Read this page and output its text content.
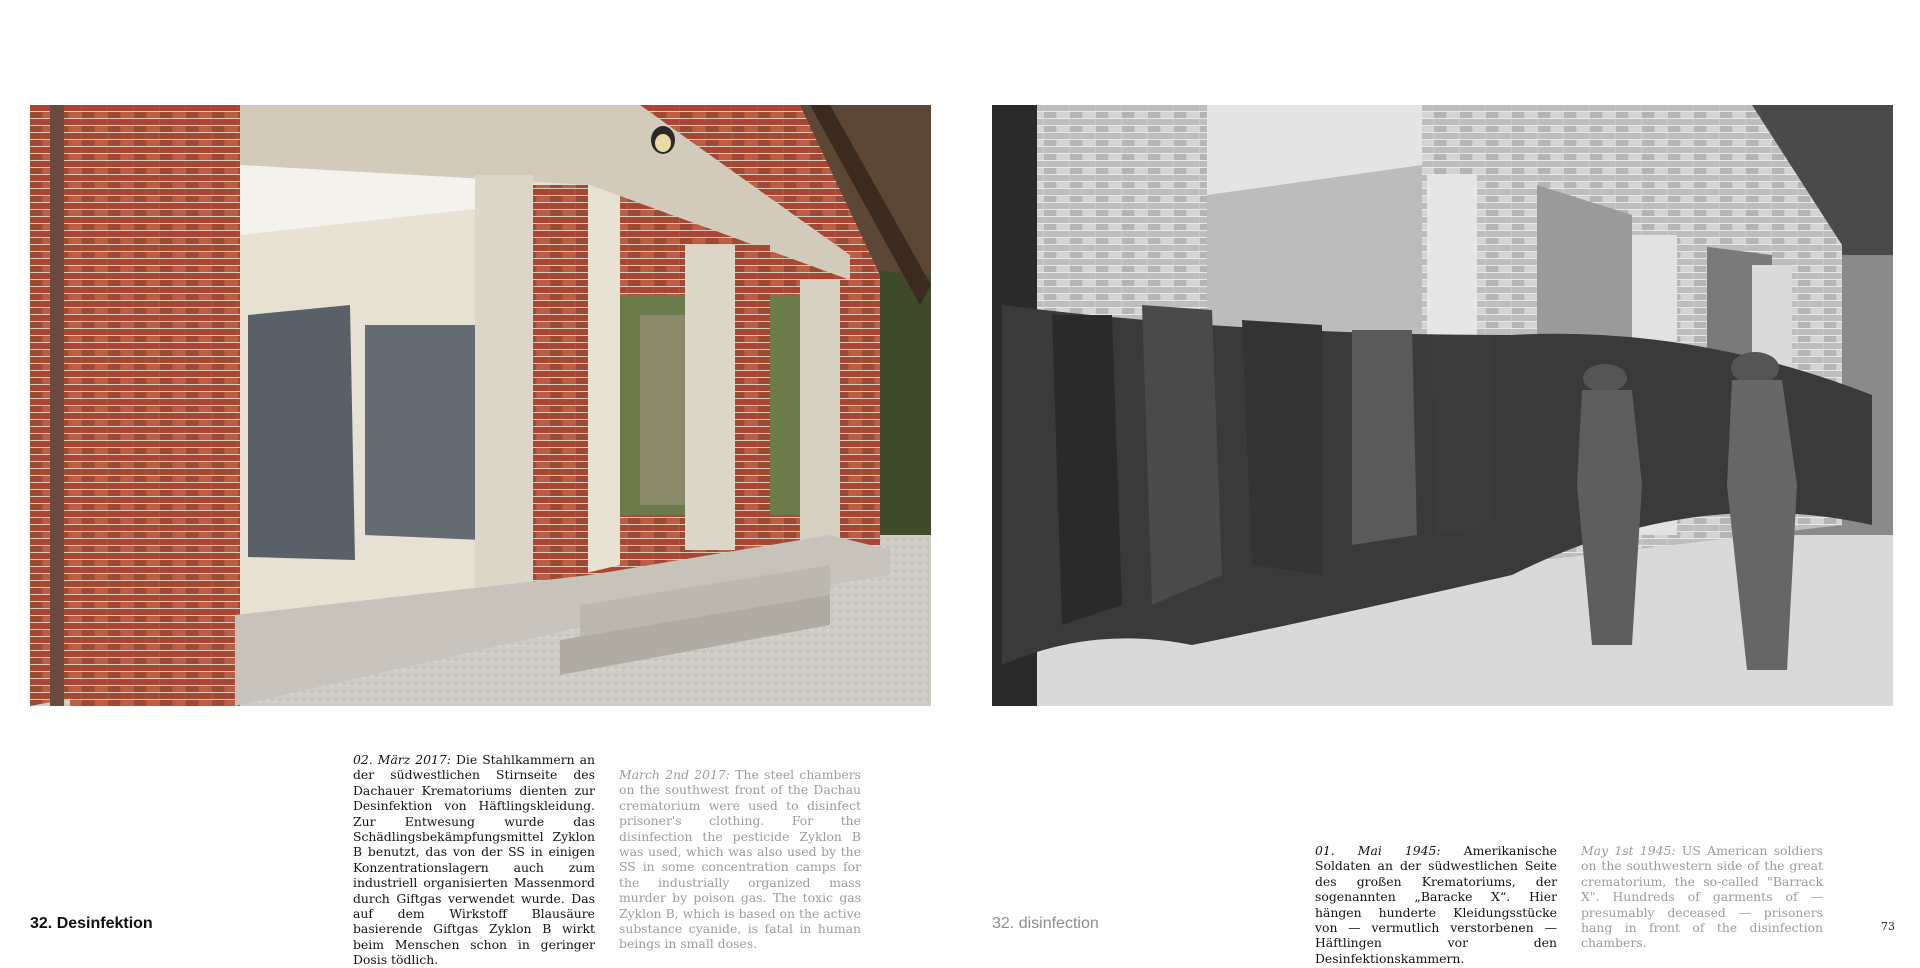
02. März 2017: Die Stahlkammern an der südwestlichen Stirnseite des Dachauer Krematoriums dienten zur Desinfektion von Häftlingskleidung. Zur Entwesung wurde das Schädlingsbekämpfungsmittel Zyklon B benutzt, das von der SS in einigen Konzentrationslagern auch zum industriell organisierten Massenmord durch Giftgas verwendet wurde. Das auf dem Wirkstoff Blausäure basierende Giftgas Zyklon B wirkt beim Menschen schon in geringer Dosis tödlich.

March 2nd 2017: The steel chambers on the southwest front of the Dachau crematorium were used to disinfect prisoner's clothing. For the disinfection the pesticide Zyklon B was used, which was also used by the SS in some concentration camps for the industrially organized mass murder by poison gas. The toxic gas Zyklon B, which is based on the active substance cyanide, is fatal in human beings in small doses.

01. Mai 1945: Amerikanische Soldaten an der südwestlichen Seite des großen Krematoriums, der sogenannten „Baracke X“. Hier hängen hunderte Kleidungsstücke von — vermutlich verstorbenen — Häftlingen vor den Desinfektionskammern.

May 1st 1945: US American soldiers on the southwestern side of the great crematorium, the so-called "Barrack X". Hundreds of garments of — presumably deceased — prisoners hang in front of the disinfection chambers.

32. Desinfektion	32. disinfection	73
